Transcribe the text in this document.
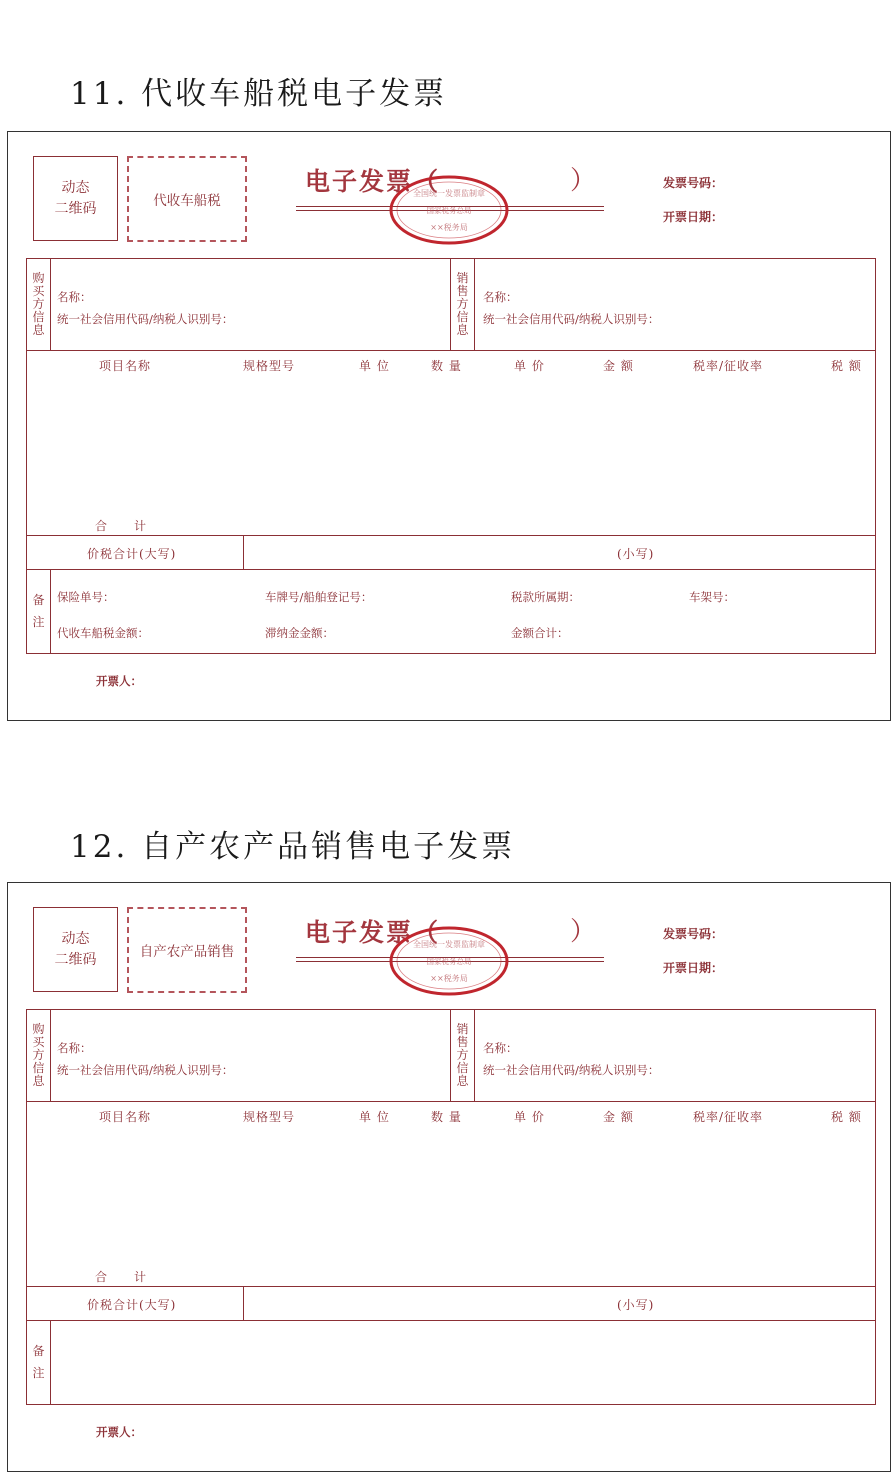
11. 代收车船税电子发票
动态
二维码	代收车船税
电子发票（	）
全国统一发票监制章
国家税务总局
××税务局
发票号码：
开票日期：
购买方信息
名称：
统一社会信用代码/纳税人识别号：
销售方信息
名称：
统一社会信用代码/纳税人识别号：
项目名称	规格型号	单 位	数 量	单 价	金 额	税率/征收率	税 额
合　　计
价税合计(大写)	(小写)
备注
保险单号：	车牌号/船舶登记号：	税款所属期：	车架号：
代收车船税金额：	滞纳金金额：	金额合计：
开票人：
12. 自产农产品销售电子发票
动态
二维码	自产农产品销售
电子发票（	）
全国统一发票监制章
国家税务总局
××税务局
发票号码：
开票日期：
购买方信息
名称：
统一社会信用代码/纳税人识别号：
销售方信息
名称：
统一社会信用代码/纳税人识别号：
项目名称	规格型号	单 位	数 量	单 价	金 额	税率/征收率	税 额
合　　计
价税合计(大写)	(小写)
备注
开票人：
